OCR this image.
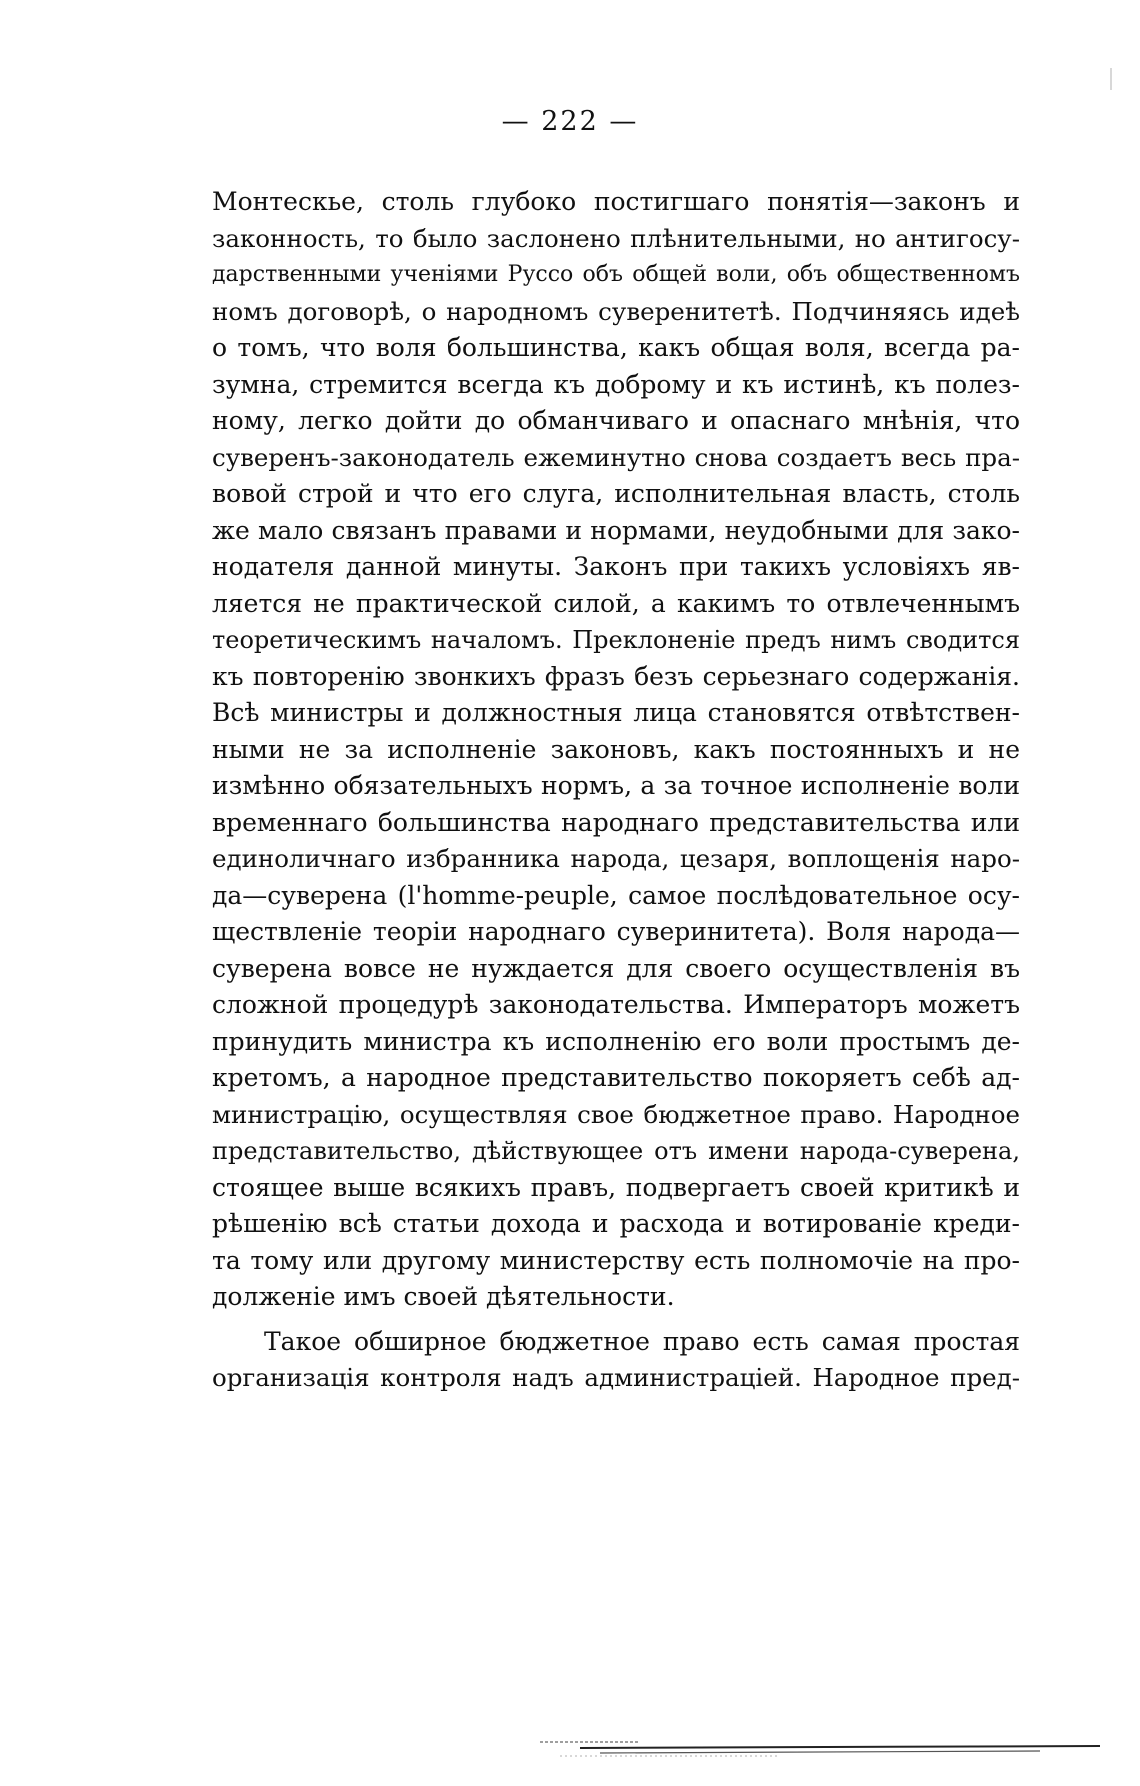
— 222 —
Монтескье, столь глубоко постигшаго понятія—законъ и
законность, то было заслонено плѣнительными, но антигосу-
дарственными ученіями Руссо объ общей воли, объ общественномъ
номъ договорѣ, о народномъ суверенитетѣ. Подчиняясь идеѣ
о томъ, что воля большинства, какъ общая воля, всегда ра-
зумна, стремится всегда къ доброму и къ истинѣ, къ полез-
ному, легко дойти до обманчиваго и опаснаго мнѣнія, что
суверенъ-законодатель ежеминутно снова создаетъ весь пра-
вовой строй и что его слуга, исполнительная власть, столь
же мало связанъ правами и нормами, неудобными для зако-
нодателя данной минуты. Законъ при такихъ условіяхъ яв-
ляется не практической силой, а какимъ то отвлеченнымъ
теоретическимъ началомъ. Преклоненіе предъ нимъ сводится
къ повторенію звонкихъ фразъ безъ серьезнаго содержанія.
Всѣ министры и должностныя лица становятся отвѣтствен-
ными не за исполненіе законовъ, какъ постоянныхъ и не
измѣнно обязательныхъ нормъ, а за точное исполненіе воли
временнаго большинства народнаго представительства или
единоличнаго избранника народа, цезаря, воплощенія наро-
да—суверена (l'homme-peuple, самое послѣдовательное осу-
ществленіе теоріи народнаго суверинитета). Воля народа—
суверена вовсе не нуждается для своего осуществленія въ
сложной процедурѣ законодательства. Императоръ можетъ
принудить министра къ исполненію его воли простымъ де-
кретомъ, а народное представительство покоряетъ себѣ ад-
министрацію, осуществляя свое бюджетное право. Народное
представительство, дѣйствующее отъ имени народа-суверена,
стоящее выше всякихъ правъ, подвергаетъ своей критикѣ и
рѣшенію всѣ статьи дохода и расхода и вотированіе креди-
та тому или другому министерству есть полномочіе на про-
долженіе имъ своей дѣятельности.
Такое обширное бюджетное право есть самая простая
организація контроля надъ администраціей. Народное пред-
